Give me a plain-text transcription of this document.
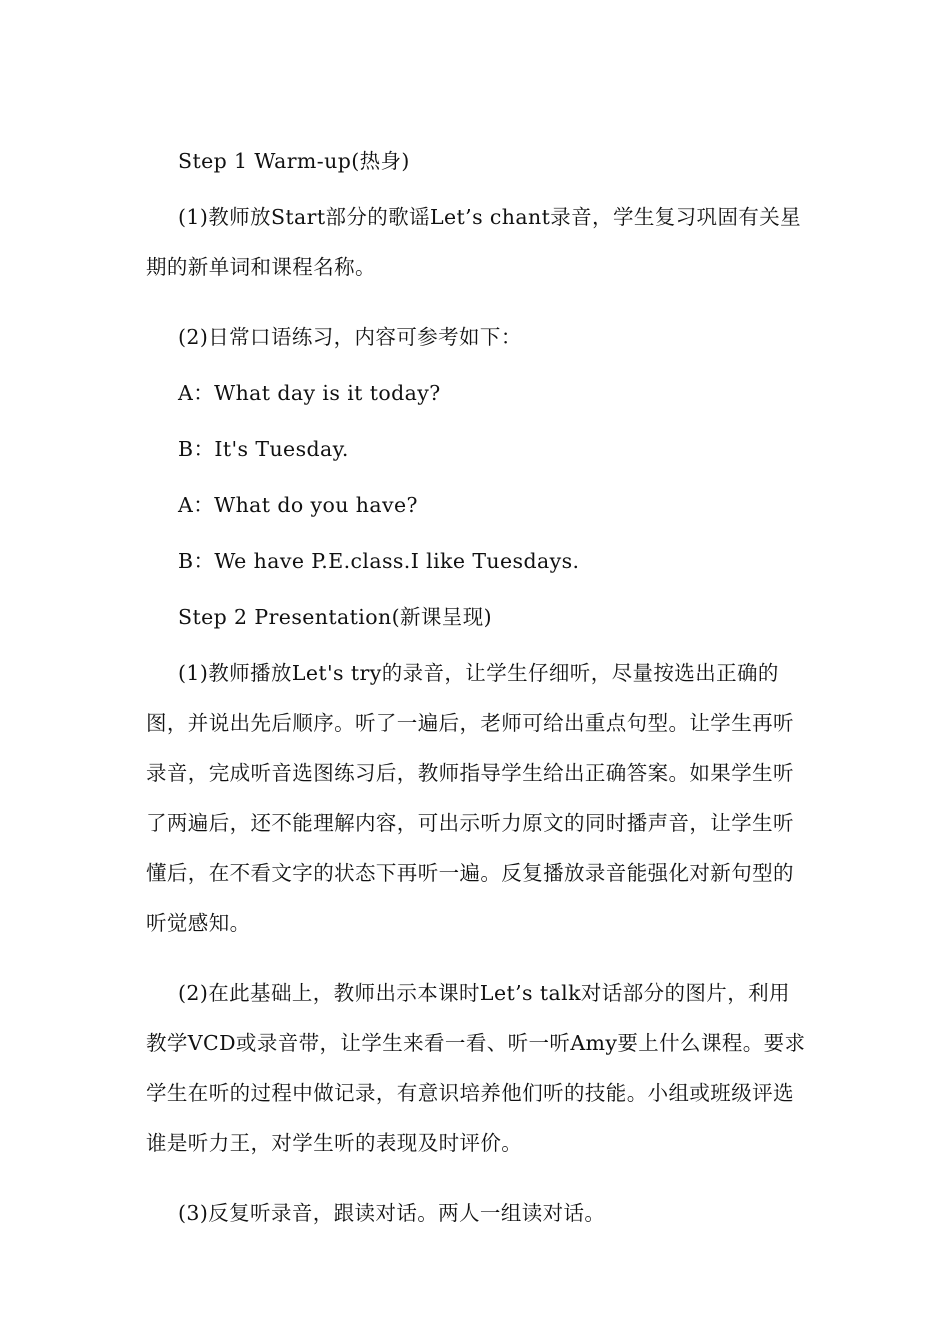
Step 1 Warm-up(热身)

(1)教师放Start部分的歌谣Let’s chant录音，学生复习巩固有关星期的新单词和课程名称。

(2)日常口语练习，内容可参考如下：

A：What day is it today?

B：It's Tuesday.

A：What do you have?

B：We have P.E.class.I like Tuesdays.

Step 2 Presentation(新课呈现)

(1)教师播放Let's try的录音，让学生仔细听，尽量按选出正确的图，并说出先后顺序。听了一遍后，老师可给出重点句型。让学生再听录音，完成听音选图练习后，教师指导学生给出正确答案。如果学生听了两遍后，还不能理解内容，可出示听力原文的同时播声音，让学生听懂后，在不看文字的状态下再听一遍。反复播放录音能强化对新句型的听觉感知。

(2)在此基础上，教师出示本课时Let’s talk对话部分的图片，利用教学VCD或录音带，让学生来看一看、听一听Amy要上什么课程。要求学生在听的过程中做记录，有意识培养他们听的技能。小组或班级评选谁是听力王，对学生听的表现及时评价。

(3)反复听录音，跟读对话。两人一组读对话。
